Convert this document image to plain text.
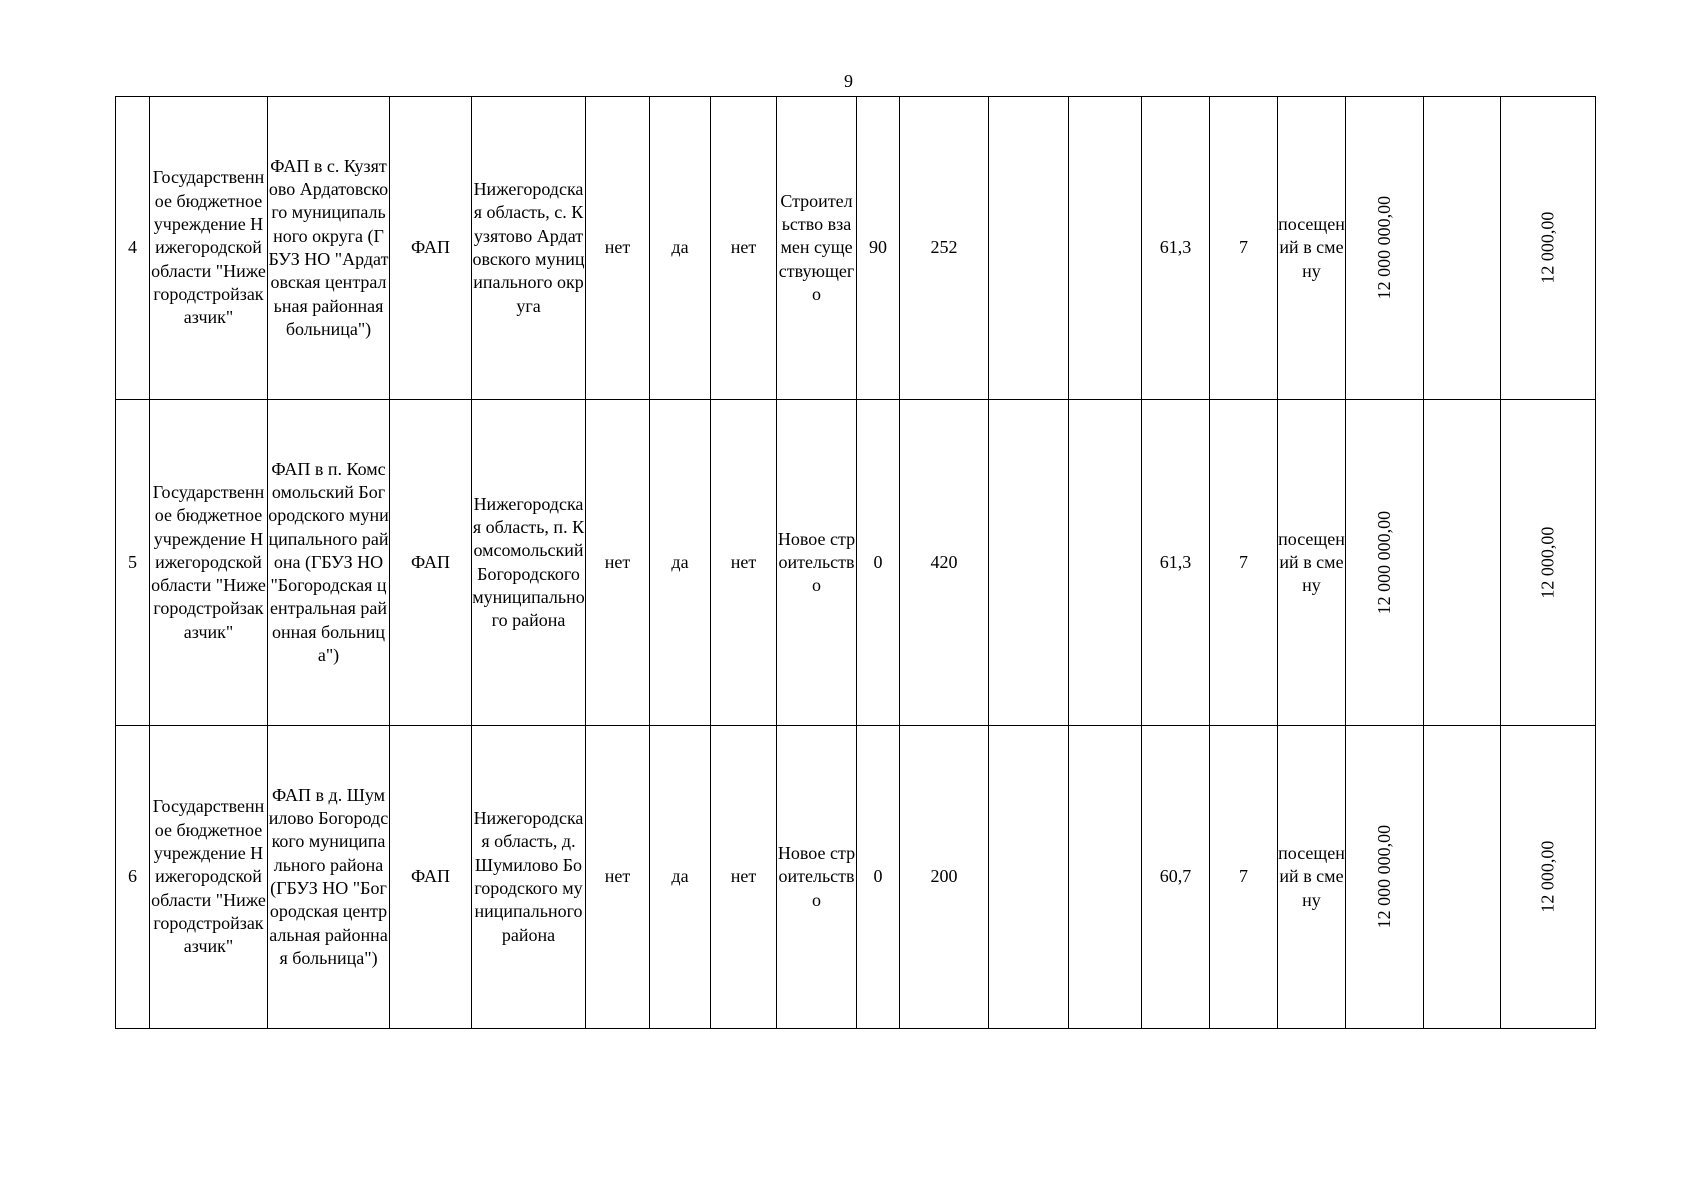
9
4	Государственное бюджетное учреждение Нижегородской области "Нижегородстройзаказчик"	ФАП в с. Кузятово Ардатовского муниципального округа (ГБУЗ НО "Ардатовская центральная районная больница")	ФАП	Нижегородская область, с. Кузятово Ардатовского муниципального округа	нет	да	нет	Строительство взамен существующего	90	252			61,3	7	посещений в смену	12 000 000,00		12 000,00

5	Государственное бюджетное учреждение Нижегородской области "Нижегородстройзаказчик"	ФАП в п. Комсомольский Богородского муниципального района (ГБУЗ НО "Богородская центральная районная больница")	ФАП	Нижегородская область, п. Комсомольский Богородского муниципального района	нет	да	нет	Новое строительство	0	420			61,3	7	посещений в смену	12 000 000,00		12 000,00

6	Государственное бюджетное учреждение Нижегородской области "Нижегородстройзаказчик"	ФАП в д. Шумилово Богородского муниципального района (ГБУЗ НО "Богородская центральная районная больница")	ФАП	Нижегородская область, д. Шумилово Богородского муниципального района	нет	да	нет	Новое строительство	0	200			60,7	7	посещений в смену	12 000 000,00		12 000,00
